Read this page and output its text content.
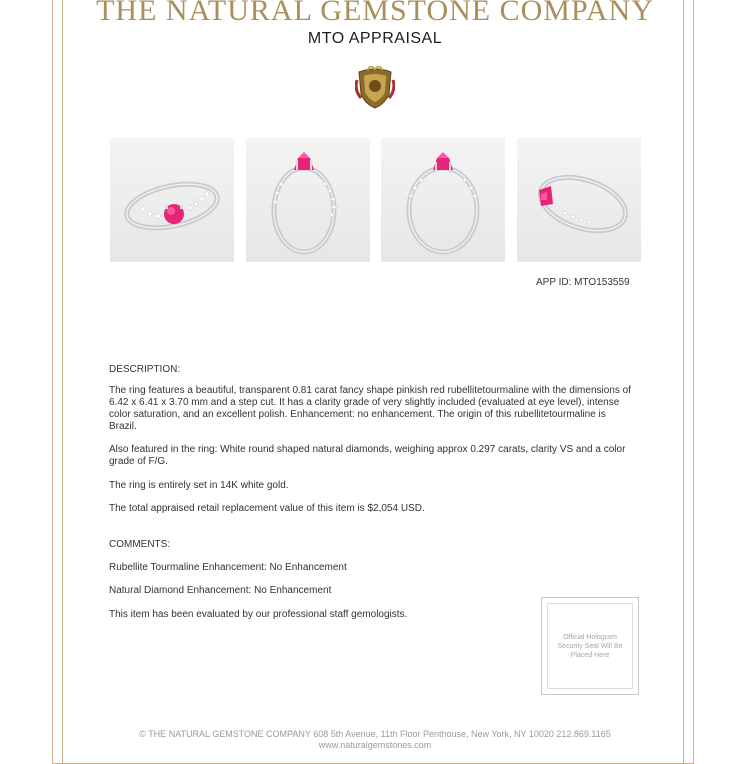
THE NATURAL GEMSTONE COMPANY
MTO APPRAISAL
APP ID: MTO153559
DESCRIPTION:
The ring features a beautiful, transparent 0.81 carat fancy shape pinkish red rubellitetourmaline with the dimensions of 6.42 x 6.41 x 3.70 mm and a step cut. It has a clarity grade of very slightly included (evaluated at eye level), intense color saturation, and an excellent polish. Enhancement: no enhancement. The origin of this rubellitetourmaline is Brazil.
Also featured in the ring: White round shaped natural diamonds, weighing approx 0.297 carats, clarity VS and a color grade of F/G.
The ring is entirely set in 14K white gold.
The total appraised retail replacement value of this item is $2,054 USD.
COMMENTS:
Rubellite Tourmaline Enhancement: No Enhancement
Natural Diamond Enhancement: No Enhancement
This item has been evaluated by our professional staff gemologists.
Official Hologram Security Seal Will Be Placed Here
© THE NATURAL GEMSTONE COMPANY 608 5th Avenue, 11th Floor Penthouse, New York, NY 10020 212.869.1165
www.naturalgemstones.com
